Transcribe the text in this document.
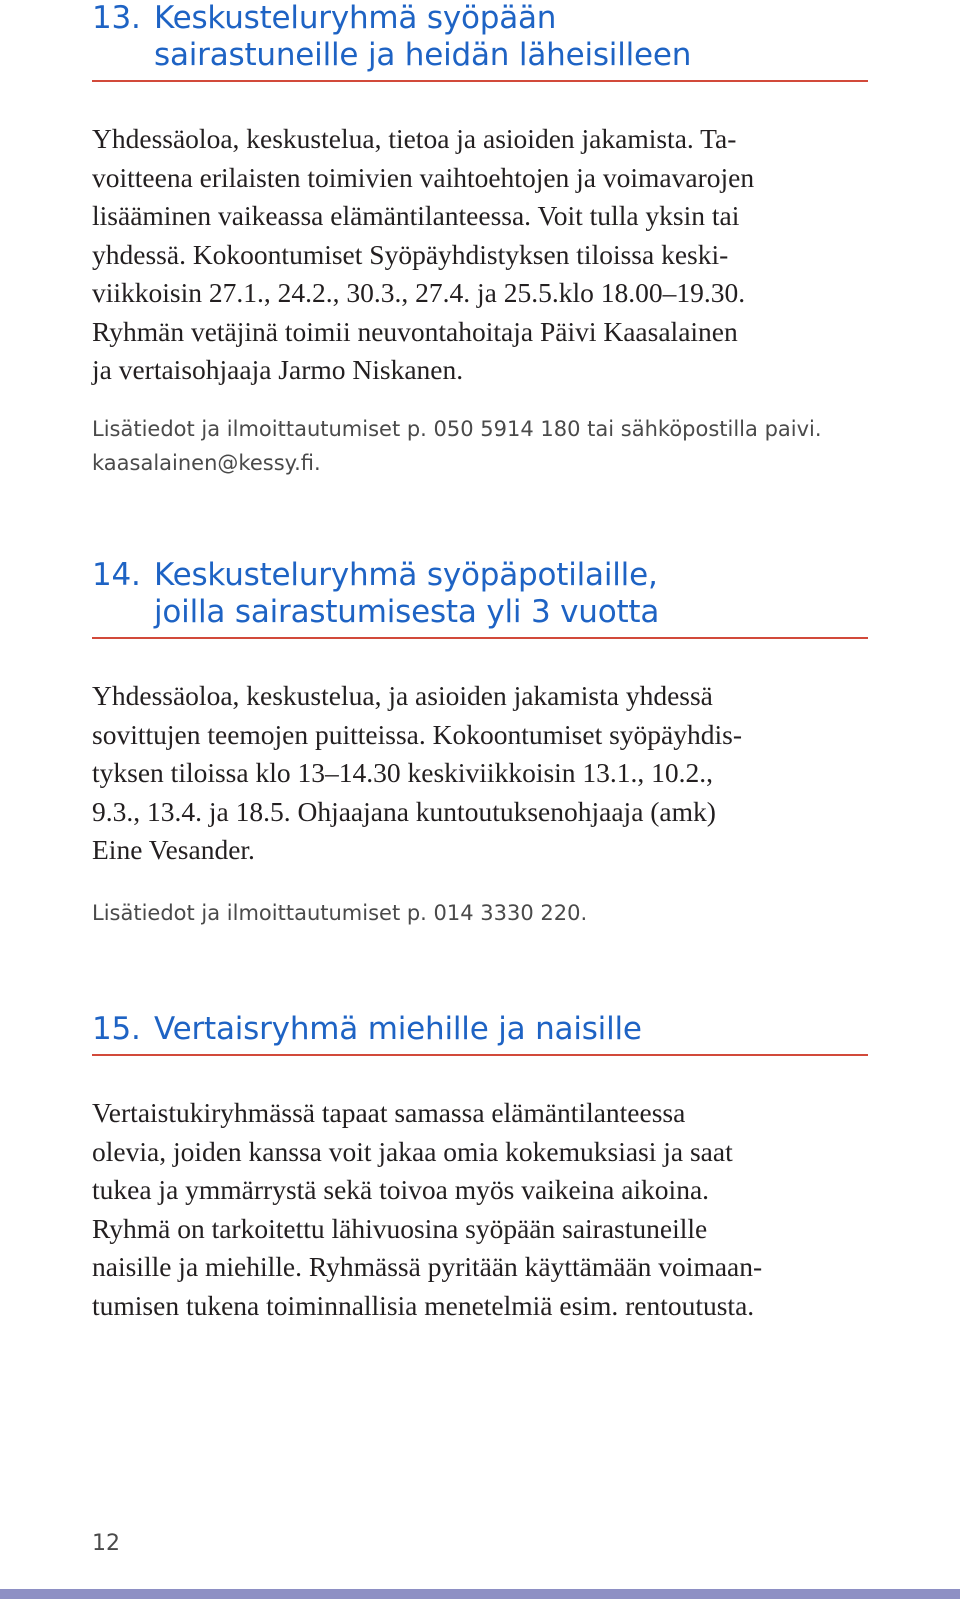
13. Keskusteluryhmä syöpään
sairastuneille ja heidän läheisilleen

Yhdessäoloa, keskustelua, tietoa ja asioiden jakamista. Ta-
voitteena erilaisten toimivien vaihtoehtojen ja voimavarojen
lisääminen vaikeassa elämäntilanteessa. Voit tulla yksin tai
yhdessä. Kokoontumiset Syöpäyhdistyksen tiloissa keski-
viikkoisin 27.1., 24.2., 30.3., 27.4. ja 25.5.klo 18.00–19.30.
Ryhmän vetäjinä toimii neuvontahoitaja Päivi Kaasalainen
ja vertaisohjaaja Jarmo Niskanen.

Lisätiedot ja ilmoittautumiset p. 050 5914 180 tai sähköpostilla paivi.
kaasalainen@kessy.fi.

14. Keskusteluryhmä syöpäpotilaille,
joilla sairastumisesta yli 3 vuotta

Yhdessäoloa, keskustelua, ja asioiden jakamista yhdessä
sovittujen teemojen puitteissa. Kokoontumiset syöpäyhdis-
tyksen tiloissa klo 13–14.30 keskiviikkoisin 13.1., 10.2.,
9.3., 13.4. ja 18.5. Ohjaajana kuntoutuksenohjaaja (amk)
Eine Vesander.

Lisätiedot ja ilmoittautumiset p. 014 3330 220.

15. Vertaisryhmä miehille ja naisille

Vertaistukiryhmässä tapaat samassa elämäntilanteessa
olevia, joiden kanssa voit jakaa omia kokemuksiasi ja saat
tukea ja ymmärrystä sekä toivoa myös vaikeina aikoina.
Ryhmä on tarkoitettu lähivuosina syöpään sairastuneille
naisille ja miehille. Ryhmässä pyritään käyttämään voimaan-
tumisen tukena toiminnallisia menetelmiä esim. rentoutusta.

12
